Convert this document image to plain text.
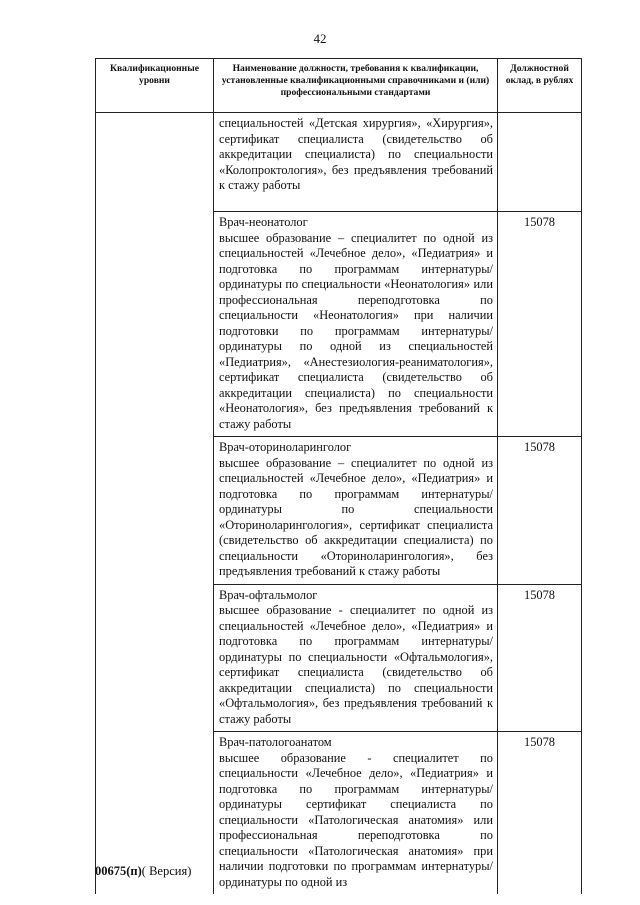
42
Квалификационные уровни	Наименование должности, требования к квалификации, установленные квалификационными справочниками и (или) профессиональными стандартами	Должностной оклад, в рублях

	специальностей «Детская хирургия», «Хирургия», сертификат специалиста (свидетельство об аккредитации специалиста) по специальности «Колопроктология», без предъявления требований к стажу работы	

	Врач-неонатолог
высшее образование – специалитет по одной из специальностей «Лечебное дело», «Педиатрия» и подготовка по программам интернатуры/ординатуры по специальности «Неонатология» или профессиональная переподготовка по специальности «Неонатология» при наличии подготовки по программам интернатуры/ординатуры по одной из специальностей «Педиатрия», «Анестезиология-реаниматология», сертификат специалиста (свидетельство об аккредитации специалиста) по специальности «Неонатология», без предъявления требований к стажу работы	15078

	Врач-оториноларинголог
высшее образование – специалитет по одной из специальностей «Лечебное дело», «Педиатрия» и подготовка по программам интернатуры/ординатуры по специальности «Оториноларингология», сертификат специалиста (свидетельство об аккредитации специалиста) по специальности «Оториноларингология», без предъявления требований к стажу работы	15078

	Врач-офтальмолог
высшее образование - специалитет по одной из специальностей «Лечебное дело», «Педиатрия» и подготовка по программам интернатуры/ординатуры по специальности «Офтальмология», сертификат специалиста (свидетельство об аккредитации специалиста) по специальности «Офтальмология», без предъявления требований к стажу работы	15078

	Врач-патологоанатом
высшее образование - специалитет по специальности «Лечебное дело», «Педиатрия» и подготовка по программам интернатуры/ординатуры сертификат специалиста по специальности «Патологическая анатомия» или профессиональная переподготовка по специальности «Патологическая анатомия» при наличии подготовки по программам интернатуры/ординатуры по одной из	15078
00675(п)( Версия)
